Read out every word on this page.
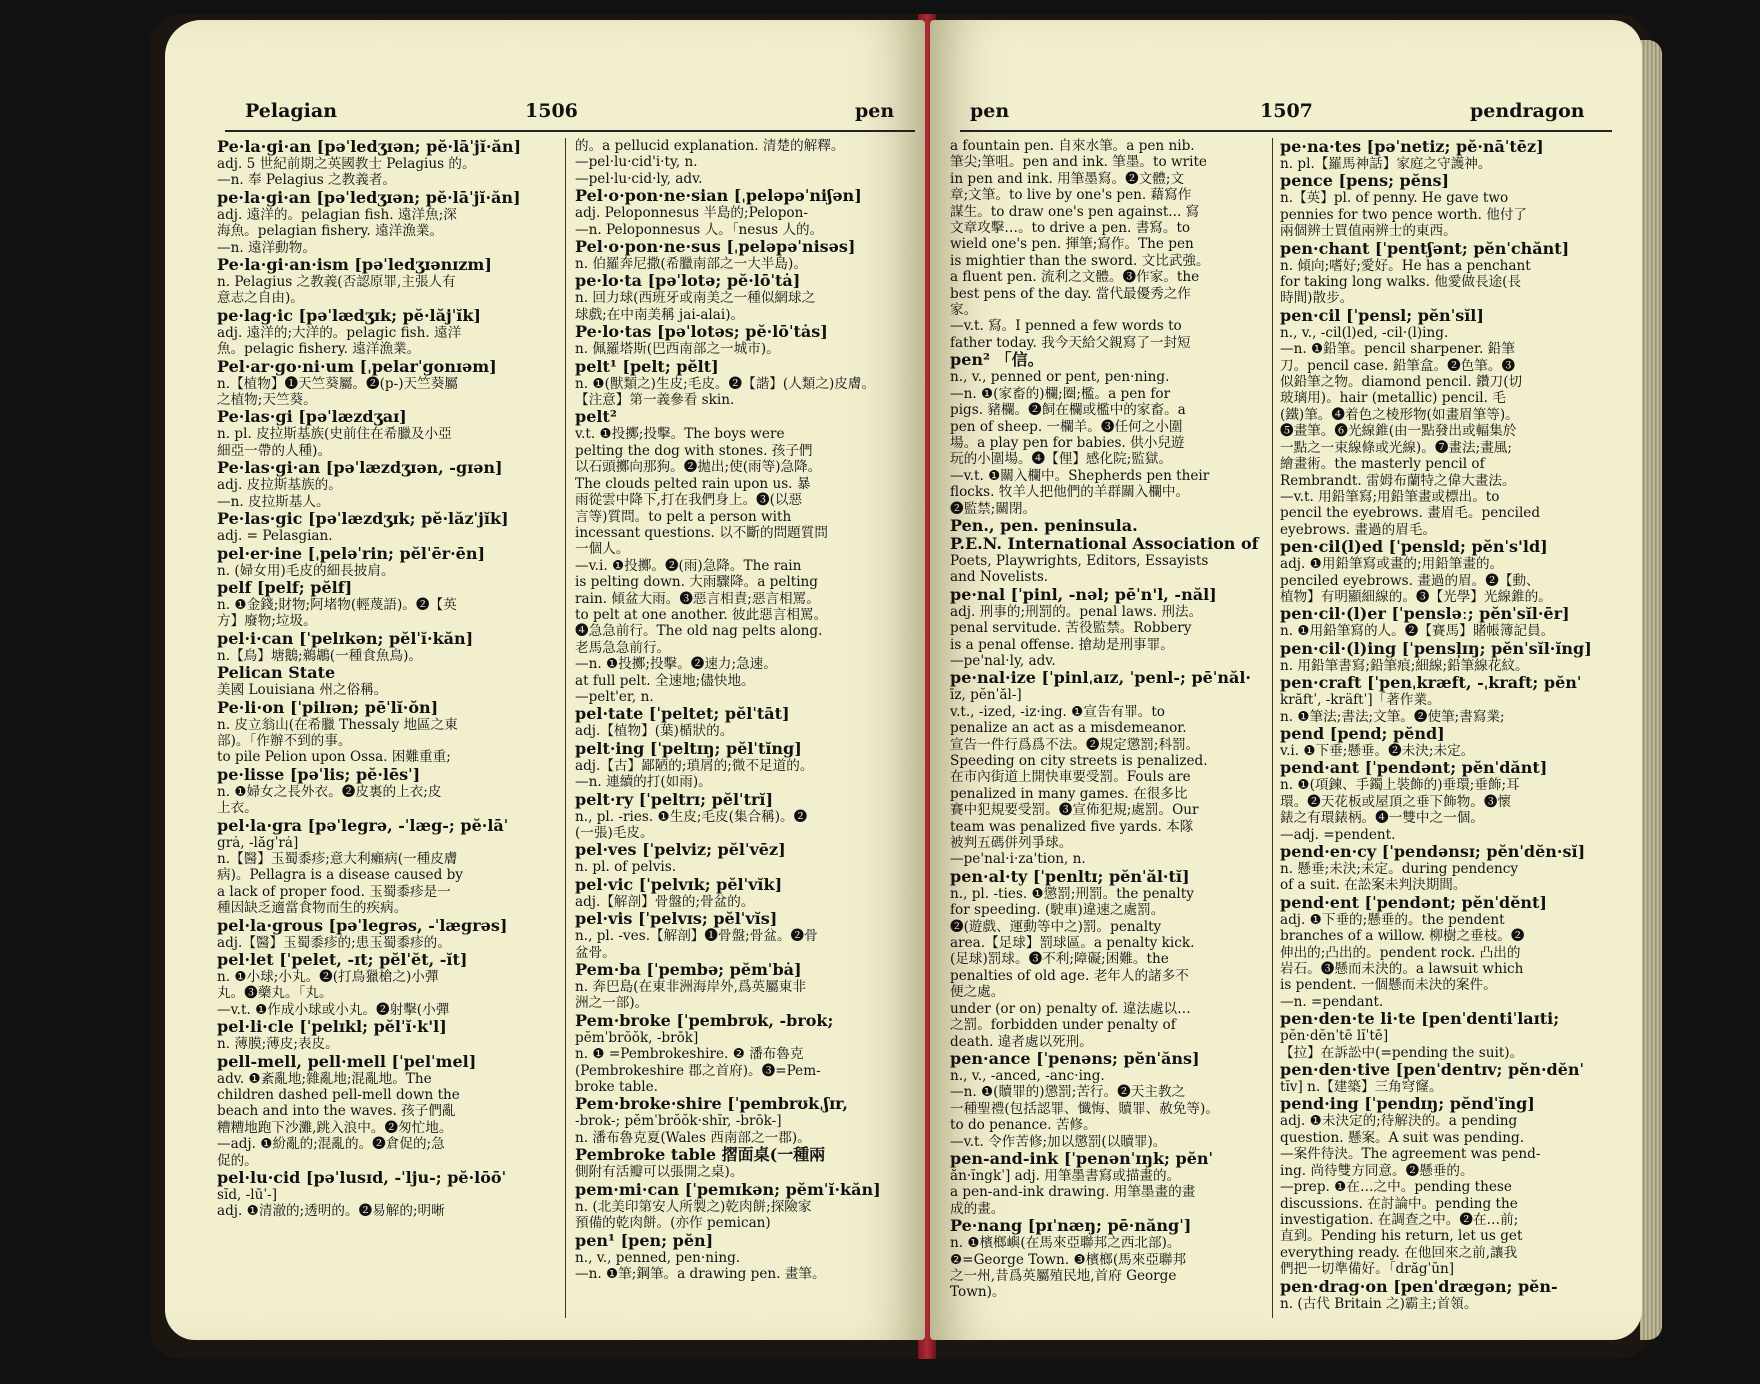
Pelagian	1506	pen
Pe·la·gi·an [pəˈledʒɪən; pĕ·lāˈjĭ·ăn]
adj. 5 世紀前期之英國教士 Pelagius 的。
—n. 奉 Pelagius 之教義者。
pe·la·gi·an [pəˈledʒɪən; pĕ·lāˈjĭ·ăn]
adj. 遠洋的。pelagian fish. 遠洋魚;深
海魚。pelagian fishery. 遠洋漁業。
—n. 遠洋動物。
Pe·la·gi·an·ism [pəˈledʒɪənɪzm]
n. Pelagius 之教義(否認原罪,主張人有
意志之自由)。
pe·lag·ic [pəˈlædʒɪk; pĕ·lăjˈĭk]
adj. 遠洋的;大洋的。pelagic fish. 遠洋
魚。pelagic fishery. 遠洋漁業。
Pel·ar·go·ni·um [ˌpelarˈgonɪəm]
n.【植物】❶天竺葵屬。❷(p-)天竺葵屬
之植物;天竺葵。
Pe·las·gi [pəˈlæzdʒaɪ]
n. pl. 皮拉斯基族(史前住在希臘及小亞
細亞一帶的人種)。
Pe·las·gi·an [pəˈlæzdʒɪən, -gɪən]
adj. 皮拉斯基族的。
—n. 皮拉斯基人。
Pe·las·gic [pəˈlæzdʒɪk; pĕ·lăzˈjĭk]
adj. = Pelasgian.
pel·er·ine [ˌpeləˈrin; pĕlˈēr·ēn]
n. (婦女用)毛皮的細長披肩。
pelf [pelf; pĕlf]
n. ❶金錢;財物;阿堵物(輕蔑語)。❷【英
方】廢物;垃圾。
pel·i·can [ˈpelɪkən; pĕlˈĭ·kăn]
n.【鳥】塘鵝;鵜鶘(一種食魚鳥)。
Pelican State
美國 Louisiana 州之俗稱。
Pe·li·on [ˈpilɪən; pēˈlĭ·ŏn]
n. 皮立翁山(在希臘 Thessaly 地區之東
部)。「作辦不到的事。
to pile Pelion upon Ossa. 困難重重;
pe·lisse [pəˈlis; pĕ·lēsˈ]
n. ❶婦女之長外衣。❷皮裏的上衣;皮
上衣。
pel·la·gra [pəˈlegrə, -ˈlæg-; pĕ·lāˈ
grȧ, -lăgˈrȧ]
n.【醫】玉蜀黍疹;意大利癩病(一種皮膚
病)。Pellagra is a disease caused by
a lack of proper food. 玉蜀黍疹是一
種因缺乏適當食物而生的疾病。
pel·la·grous [pəˈlegrəs, -ˈlægrəs]
adj.【醫】玉蜀黍疹的;患玉蜀黍疹的。
pel·let [ˈpelet, -ɪt; pĕlˈĕt, -ĭt]
n. ❶小球;小丸。❷(打鳥獵槍之)小彈
丸。❸藥丸。「丸。
—v.t. ❶作成小球或小丸。❷射擊(小彈
pel·li·cle [ˈpelɪkl; pĕlˈĭ·k'l]
n. 薄膜;薄皮;表皮。
pell-mell, pell·mell [ˈpelˈmel]
adv. ❶紊亂地;雜亂地;混亂地。The
children dashed pell-mell down the
beach and into the waves. 孩子們亂
糟糟地跑下沙灘,跳入浪中。❷匆忙地。
—adj. ❶紛亂的;混亂的。❷倉促的;急
促的。
pel·lu·cid [pəˈlusɪd, -ˈlju-; pĕ·lōōˈ
sĭd, -lūˈ-]
adj. ❶清澈的;透明的。❷易解的;明晰
的。a pellucid explanation. 清楚的解釋。
—pel·lu·cid'i·ty, n.
—pel·lu·cid·ly, adv.
Pel·o·pon·ne·sian [ˌpeləpəˈniʃən]
adj. Peloponnesus 半島的;Pelopon-
—n. Peloponnesus 人。「nesus 人的。
Pel·o·pon·ne·sus [ˌpeləpəˈnisəs]
n. 伯羅奔尼撒(希臘南部之一大半島)。
pe·lo·ta [pəˈlotə; pĕ·lōˈtȧ]
n. 回力球(西班牙或南美之一種似網球之
球戲;在中南美稱 jai-alai)。
Pe·lo·tas [pəˈlotəs; pĕ·lōˈtȧs]
n. 佩羅塔斯(巴西南部之一城市)。
pelt¹ [pelt; pĕlt]
n. ❶(獸類之)生皮;毛皮。❷【諧】(人類之)皮膚。
【注意】第一義參看 skin.
pelt²
v.t. ❶投擲;投擊。The boys were
pelting the dog with stones. 孩子們
以石頭擲向那狗。❷拋出;使(雨等)急降。
The clouds pelted rain upon us. 暴
雨從雲中降下,打在我們身上。❸(以惡
言等)質問。to pelt a person with
incessant questions. 以不斷的問題質問
一個人。
—v.i. ❶投擲。❷(雨)急降。The rain
is pelting down. 大雨驟降。a pelting
rain. 傾盆大雨。❸惡言相責;惡言相罵。
to pelt at one another. 彼此惡言相罵。
❹急急前行。The old nag pelts along.
老馬急急前行。
—n. ❶投擲;投擊。❷速力;急速。
at full pelt. 全速地;儘快地。
—pelt'er, n.
pel·tate [ˈpeltet; pĕlˈtāt]
adj.【植物】(葉)楯狀的。
pelt·ing [ˈpeltɪŋ; pĕlˈtĭng]
adj.【古】鄙陋的;瑣屑的;微不足道的。
—n. 連續的打(如雨)。
pelt·ry [ˈpeltrɪ; pĕlˈtrĭ]
n., pl. -ries. ❶生皮;毛皮(集合稱)。❷
(一張)毛皮。
pel·ves [ˈpelviz; pĕlˈvēz]
n. pl. of pelvis.
pel·vic [ˈpelvɪk; pĕlˈvĭk]
adj.【解剖】骨盤的;骨盆的。
pel·vis [ˈpelvɪs; pĕlˈvĭs]
n., pl. -ves.【解剖】❶骨盤;骨盆。❷骨
盆骨。
Pem·ba [ˈpembə; pĕmˈbȧ]
n. 奔巴島(在東非洲海岸外,爲英屬東非
洲之一部)。
Pem·broke [ˈpembrʊk, -brok;
pĕmˈbrŏŏk, -brōk]
n. ❶ =Pembrokeshire. ❷ 潘布魯克
(Pembrokeshire 郡之首府)。❸=Pem-
broke table.
Pem·broke·shire [ˈpembrʊkˌʃɪr,
-brok-; pĕmˈbrŏŏk·shĭr, -brōk-]
n. 潘布魯克夏(Wales 西南部之一郡)。
Pembroke table 摺面桌(一種兩
側附有活瓣可以張開之桌)。
pem·mi·can [ˈpemɪkən; pĕmˈĭ·kăn]
n. (北美印第安人所製之)乾肉餅;探險家
預備的乾肉餅。(亦作 pemican)
pen¹ [pen; pĕn]
n., v., penned, pen·ning.
—n. ❶筆;鋼筆。a drawing pen. 畫筆。
pen	1507	pendragon
a fountain pen. 自來水筆。a pen nib.
筆尖;筆咀。pen and ink. 筆墨。to write
in pen and ink. 用筆墨寫。❷文體;文
章;文筆。to live by one's pen. 藉寫作
謀生。to draw one's pen against... 寫
文章攻擊…。to drive a pen. 書寫。to
wield one's pen. 揮筆;寫作。The pen
is mightier than the sword. 文比武強。
a fluent pen. 流利之文體。❸作家。the
best pens of the day. 當代最優秀之作
家。
—v.t. 寫。I penned a few words to
father today. 我今天給父親寫了一封短
pen² 「信。
n., v., penned or pent, pen·ning.
—n. ❶(家畜的)欄;圈;檻。a pen for
pigs. 豬欄。❷飼在欄或檻中的家畜。a
pen of sheep. 一欄羊。❸任何之小圍
場。a play pen for babies. 供小兒遊
玩的小圍場。❹【俚】感化院;監獄。
—v.t. ❶關入欄中。Shepherds pen their
flocks. 牧羊人把他們的羊群關入欄中。
❷監禁;關閉。
Pen., pen. peninsula.
P.E.N. International Association of
Poets, Playwrights, Editors, Essayists
and Novelists.
pe·nal [ˈpinl, -nəl; pēˈn'l, -năl]
adj. 刑事的;刑罰的。penal laws. 刑法。
penal servitude. 苦役監禁。Robbery
is a penal offense. 搶劫是刑事罪。
—pe'nal·ly, adv.
pe·nal·ize [ˈpinlˌaɪz, ˈpenl-; pēˈnăl·
īz, pĕnˈăl-]
v.t., -ized, -iz·ing. ❶宣告有罪。to
penalize an act as a misdemeanor.
宣告一件行爲爲不法。❷規定懲罰;科罰。
Speeding on city streets is penalized.
在市內街道上開快車要受罰。Fouls are
penalized in many games. 在很多比
賽中犯規要受罰。❸宣佈犯規;處罰。Our
team was penalized five yards. 本隊
被判五碼併列爭球。
—pe'nal·i·za'tion, n.
pen·al·ty [ˈpenltɪ; pĕnˈăl·tĭ]
n., pl. -ties. ❶懲罰;刑罰。the penalty
for speeding. (駛車)違速之處罰。
❷(遊戲、運動等中之)罰。penalty
area.【足球】罰球區。a penalty kick.
(足球)罰球。❸不利;障礙;困難。the
penalties of old age. 老年人的諸多不
便之處。
under (or on) penalty of. 違法處以…
之罰。forbidden under penalty of
death. 違者處以死刑。
pen·ance [ˈpenəns; pĕnˈăns]
n., v., -anced, -anc·ing.
—n. ❶(贖罪的)懲罰;苦行。❷天主教之
一種聖禮(包括認罪、懺悔、贖罪、赦免等)。
to do penance. 苦修。
—v.t. 令作苦修;加以懲罰(以贖罪)。
pen-and-ink [ˈpenənˈɪŋk; pĕnˈ
ăn·ĭngkˈ] adj. 用筆墨書寫或描畫的。
a pen-and-ink drawing. 用筆墨畫的畫
成的畫。
Pe·nang [pɪˈnæŋ; pē·năngˈ]
n. ❶檳榔嶼(在馬來亞聯邦之西北部)。
❷=George Town. ❸檳榔(馬來亞聯邦
之一州,昔爲英屬殖民地,首府 George
Town)。
pe·na·tes [pəˈnetiz; pĕ·nāˈtēz]
n. pl.【羅馬神話】家庭之守護神。
pence [pens; pĕns]
n.【英】pl. of penny. He gave two
pennies for two pence worth. 他付了
兩個辨士買值兩辨士的東西。
pen·chant [ˈpentʃənt; pĕnˈchănt]
n. 傾向;嗜好;愛好。He has a penchant
for taking long walks. 他愛做長途(長
時間)散步。
pen·cil [ˈpensl; pĕnˈsĭl]
n., v., -cil(l)ed, -cil·(l)ing.
—n. ❶鉛筆。pencil sharpener. 鉛筆
刀。pencil case. 鉛筆盒。❷色筆。❸
似鉛筆之物。diamond pencil. 鑽刀(切
玻璃用)。hair (metallic) pencil. 毛
(鐵)筆。❹着色之棱形物(如畫眉筆等)。
❺畫筆。❻光線錐(由一點發出或輻集於
一點之一束線條或光線)。❼畫法;畫風;
繪畫術。the masterly pencil of
Rembrandt. 雷姆布蘭特之偉大畫法。
—v.t. 用鉛筆寫;用鉛筆畫或標出。to
pencil the eyebrows. 畫眉毛。penciled
eyebrows. 畫過的眉毛。
pen·cil(l)ed [ˈpensld; pĕnˈs'ld]
adj. ❶用鉛筆寫或畫的;用鉛筆畫的。
penciled eyebrows. 畫過的眉。❷【動、
植物】有明顯細線的。❸【光學】光線錐的。
pen·cil·(l)er [ˈpensləː; pĕnˈsĭl·ēr]
n. ❶用鉛筆寫的人。❷【賽馬】賭帳簿記員。
pen·cil·(l)ing [ˈpensl̩ɪŋ; pĕnˈsĭl·ĭng]
n. 用鉛筆書寫;鉛筆痕;細線;鉛筆線花紋。
pen·craft [ˈpenˌkræft, -ˌkraft; pĕnˈ
krăftˈ, -kräftˈ]「著作業。
n. ❶筆法;書法;文筆。❷使筆;書寫業;
pend [pend; pĕnd]
v.i. ❶下垂;懸垂。❷未決;未定。
pend·ant [ˈpendənt; pĕnˈdănt]
n. ❶(項鍊、手鐲上裝飾的)垂環;垂飾;耳
環。❷天花板或屋頂之垂下飾物。❸懷
錶之有環錶柄。❹一雙中之一個。
—adj. =pendent.
pend·en·cy [ˈpendənsɪ; pĕnˈdĕn·sĭ]
n. 懸垂;未決;未定。during pendency
of a suit. 在訟案未判決期間。
pend·ent [ˈpendənt; pĕnˈdĕnt]
adj. ❶下垂的;懸垂的。the pendent
branches of a willow. 柳樹之垂枝。❷
伸出的;凸出的。pendent rock. 凸出的
岩石。❸懸而未決的。a lawsuit which
is pendent. 一個懸而未決的案件。
—n. =pendant.
pen·den·te li·te [penˈdentiˈlaɪti;
pĕn·dĕnˈtē lĭˈtē]
【拉】在訴訟中(=pending the suit)。
pen·den·tive [penˈdentɪv; pĕn·dĕnˈ
tĭv] n.【建築】三角穹窿。
pend·ing [ˈpendɪŋ; pĕndˈĭng]
adj. ❶未決定的;待解決的。a pending
question. 懸案。A suit was pending.
—案件待決。The agreement was pend-
ing. 尚待雙方同意。❷懸垂的。
—prep. ❶在…之中。pending these
discussions. 在討論中。pending the
investigation. 在調查之中。❷在…前;
直到。Pending his return, let us get
everything ready. 在他回來之前,讓我
們把一切準備好。「drăgˈŭn]
pen·drag·on [penˈdrægən; pĕn-
n. (古代 Britain 之)霸主;首領。
